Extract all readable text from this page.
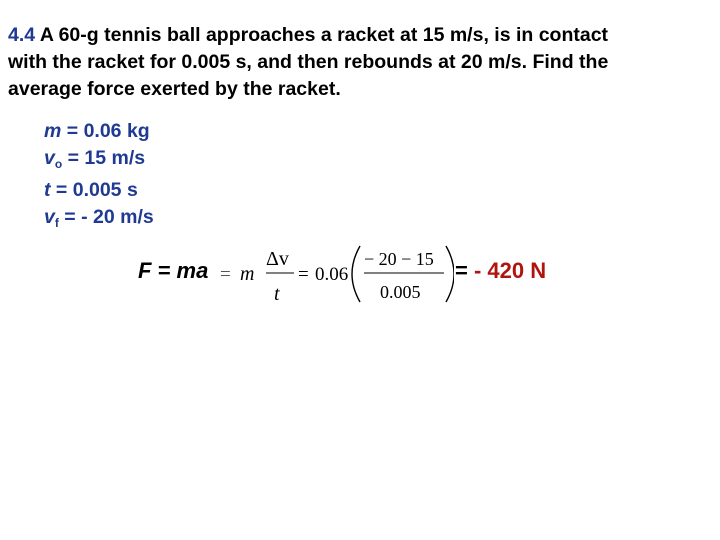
4.4 A 60-g tennis ball approaches a racket at 15 m/s, is in contact
with the racket for 0.005 s, and then rebounds at 20 m/s. Find the
average force exerted by the racket.
m = 0.06 kg
$v_o = 15$ m/s
t = 0.005 s
$v_f$ = - 20 m/s
F = ma = m
Δv
t
= 0.06
− 20 − 15
0.005
= - 420 N
